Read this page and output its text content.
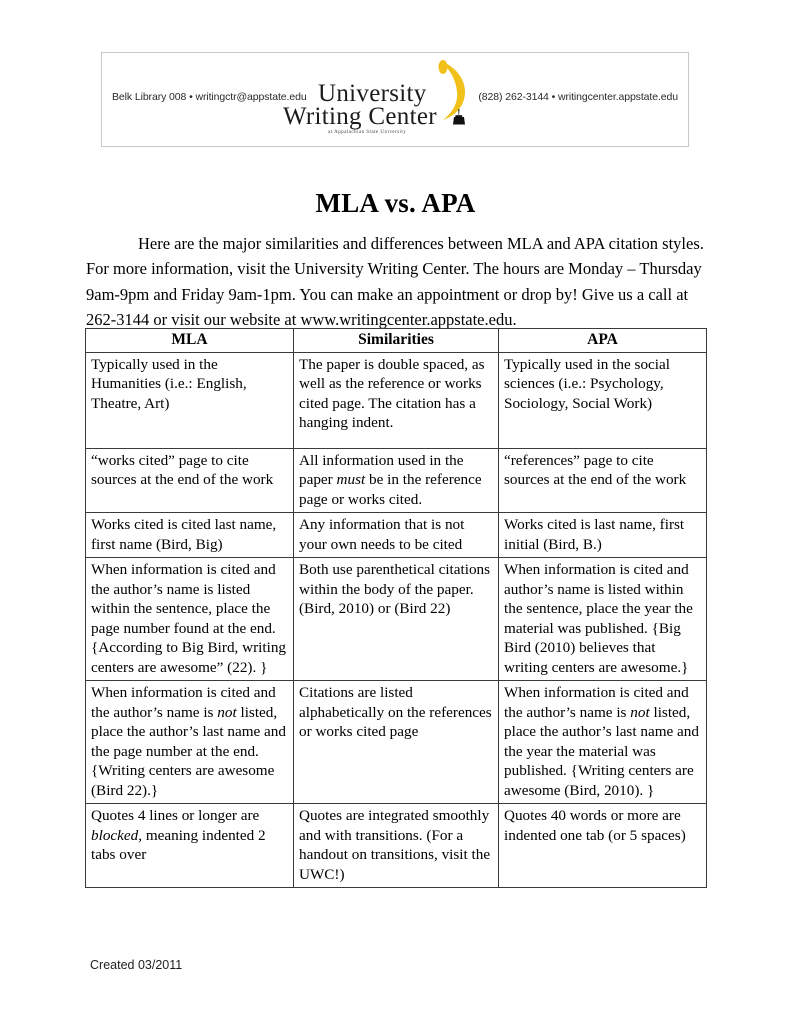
Belk Library 008 • writingctr@appstate.edu University
Writing Center
at Appalachian State University
(828) 262-3144 • writingcenter.appstate.edu
MLA vs. APA

Here are the major similarities and differences between MLA and APA citation styles. For more information, visit the University Writing Center. The hours are Monday – Thursday 9am-9pm and Friday 9am-1pm. You can make an appointment or drop by! Give us a call at 262-3144 or visit our website at www.writingcenter.appstate.edu.

MLA	Similarities	APA
Typically used in the Humanities (i.e.: English, Theatre, Art)	The paper is double spaced, as well as the reference or works cited page. The citation has a hanging indent.	Typically used in the social sciences (i.e.: Psychology, Sociology, Social Work)
“works cited” page to cite sources at the end of the work	All information used in the paper must be in the reference page or works cited.	“references” page to cite sources at the end of the work
Works cited is cited last name, first name (Bird, Big)	Any information that is not your own needs to be cited	Works cited is last name, first initial (Bird, B.)
When information is cited and the author’s name is listed within the sentence, place the page number found at the end. {According to Big Bird, writing centers are awesome” (22). }	Both use parenthetical citations within the body of the paper. (Bird, 2010) or (Bird 22)	When information is cited and author’s name is listed within the sentence, place the year the material was published. {Big Bird (2010) believes that writing centers are awesome.}
When information is cited and the author’s name is not listed, place the author’s last name and the page number at the end. {Writing centers are awesome (Bird 22).}	Citations are listed alphabetically on the references or works cited page	When information is cited and the author’s name is not listed, place the author’s last name and the year the material was published. {Writing centers are awesome (Bird, 2010). }
Quotes 4 lines or longer are blocked, meaning indented 2 tabs over	Quotes are integrated smoothly and with transitions. (For a handout on transitions, visit the UWC!)	Quotes 40 words or more are indented one tab (or 5 spaces)
Created 03/2011
